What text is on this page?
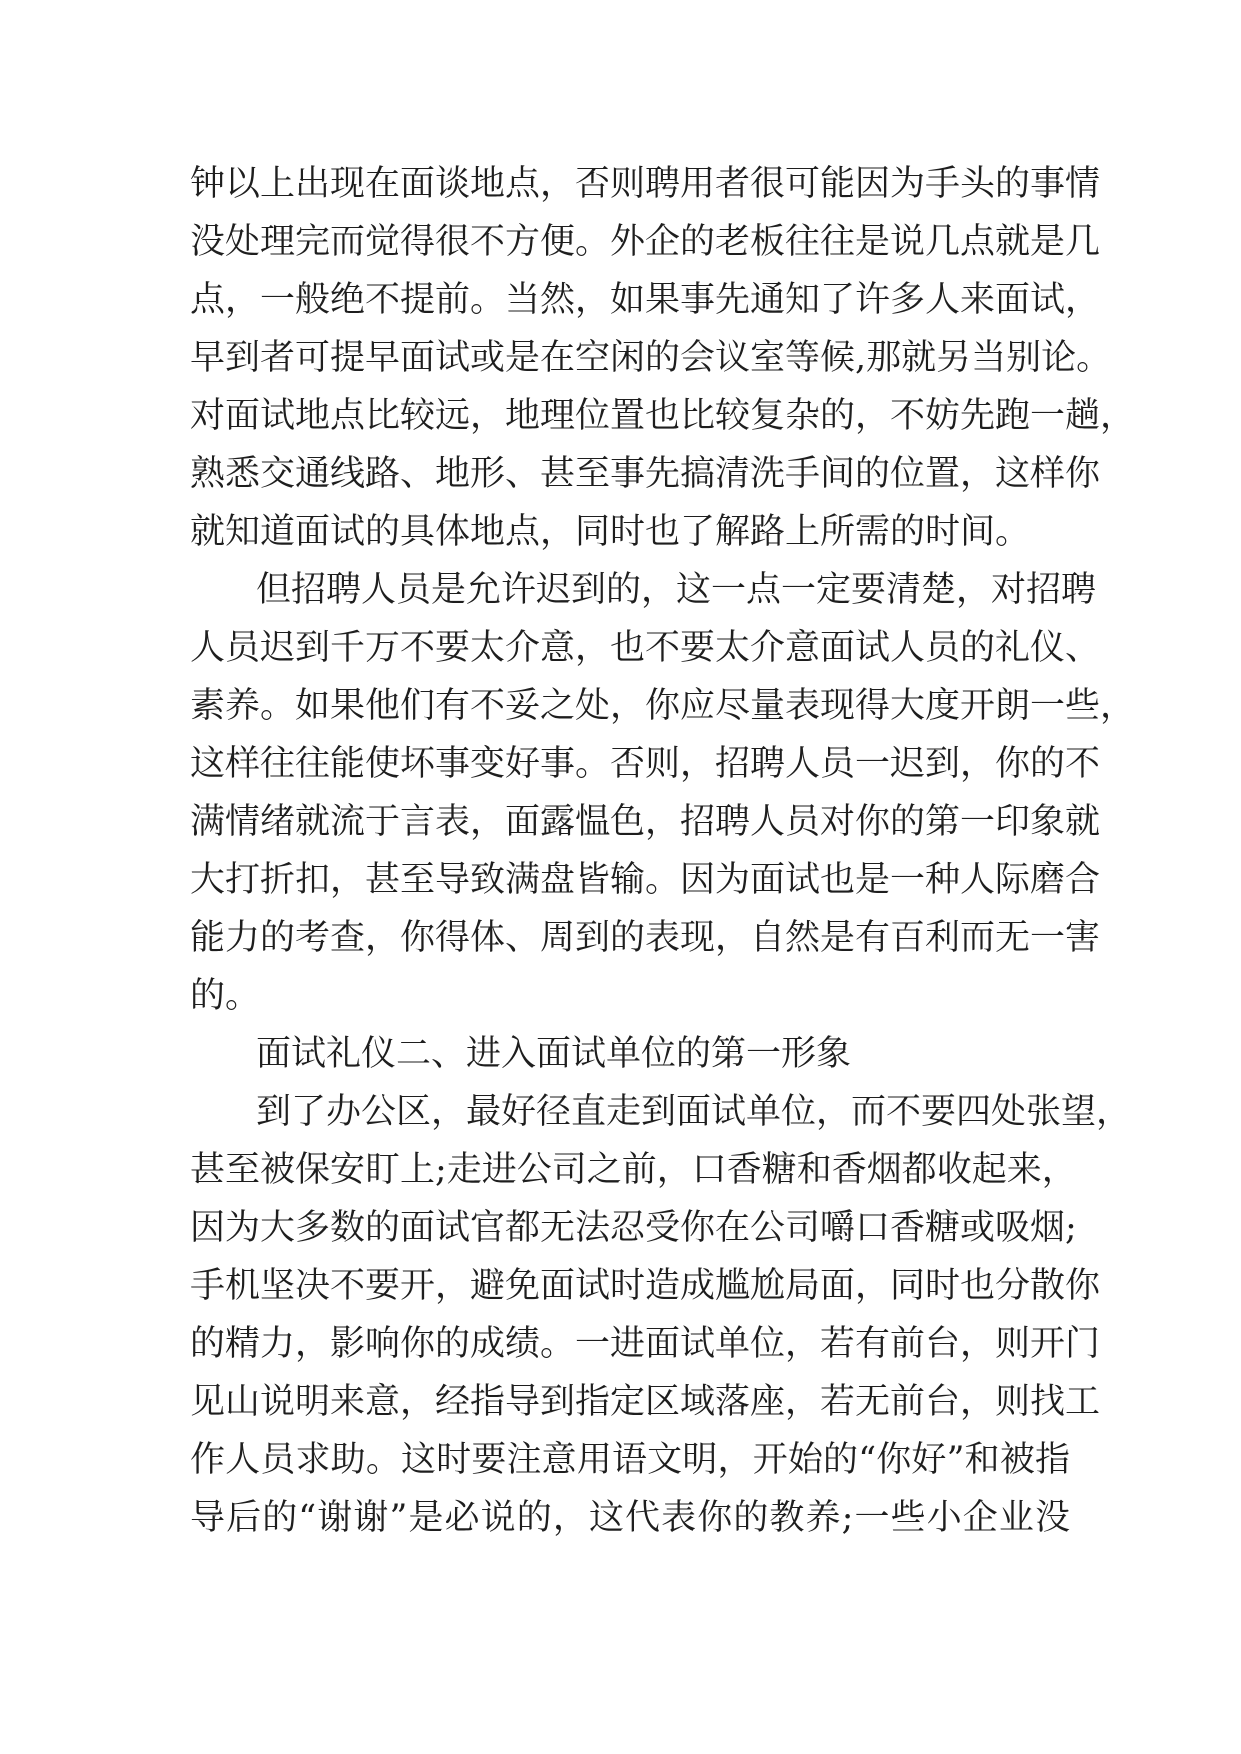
钟以上出现在面谈地点，否则聘用者很可能因为手头的事情
没处理完而觉得很不方便。外企的老板往往是说几点就是几
点，一般绝不提前。当然，如果事先通知了许多人来面试，
早到者可提早面试或是在空闲的会议室等候,那就另当别论。
对面试地点比较远，地理位置也比较复杂的，不妨先跑一趟，
熟悉交通线路、地形、甚至事先搞清洗手间的位置，这样你
就知道面试的具体地点，同时也了解路上所需的时间。
但招聘人员是允许迟到的，这一点一定要清楚，对招聘
人员迟到千万不要太介意，也不要太介意面试人员的礼仪、
素养。如果他们有不妥之处，你应尽量表现得大度开朗一些，
这样往往能使坏事变好事。否则，招聘人员一迟到，你的不
满情绪就流于言表，面露愠色，招聘人员对你的第一印象就
大打折扣，甚至导致满盘皆输。因为面试也是一种人际磨合
能力的考查，你得体、周到的表现，自然是有百利而无一害
的。
面试礼仪二、进入面试单位的第一形象
到了办公区，最好径直走到面试单位，而不要四处张望，
甚至被保安盯上;走进公司之前，口香糖和香烟都收起来，
因为大多数的面试官都无法忍受你在公司嚼口香糖或吸烟;
手机坚决不要开，避免面试时造成尴尬局面，同时也分散你
的精力，影响你的成绩。一进面试单位，若有前台，则开门
见山说明来意，经指导到指定区域落座，若无前台，则找工
作人员求助。这时要注意用语文明，开始的“你好”和被指
导后的“谢谢”是必说的，这代表你的教养;一些小企业没
